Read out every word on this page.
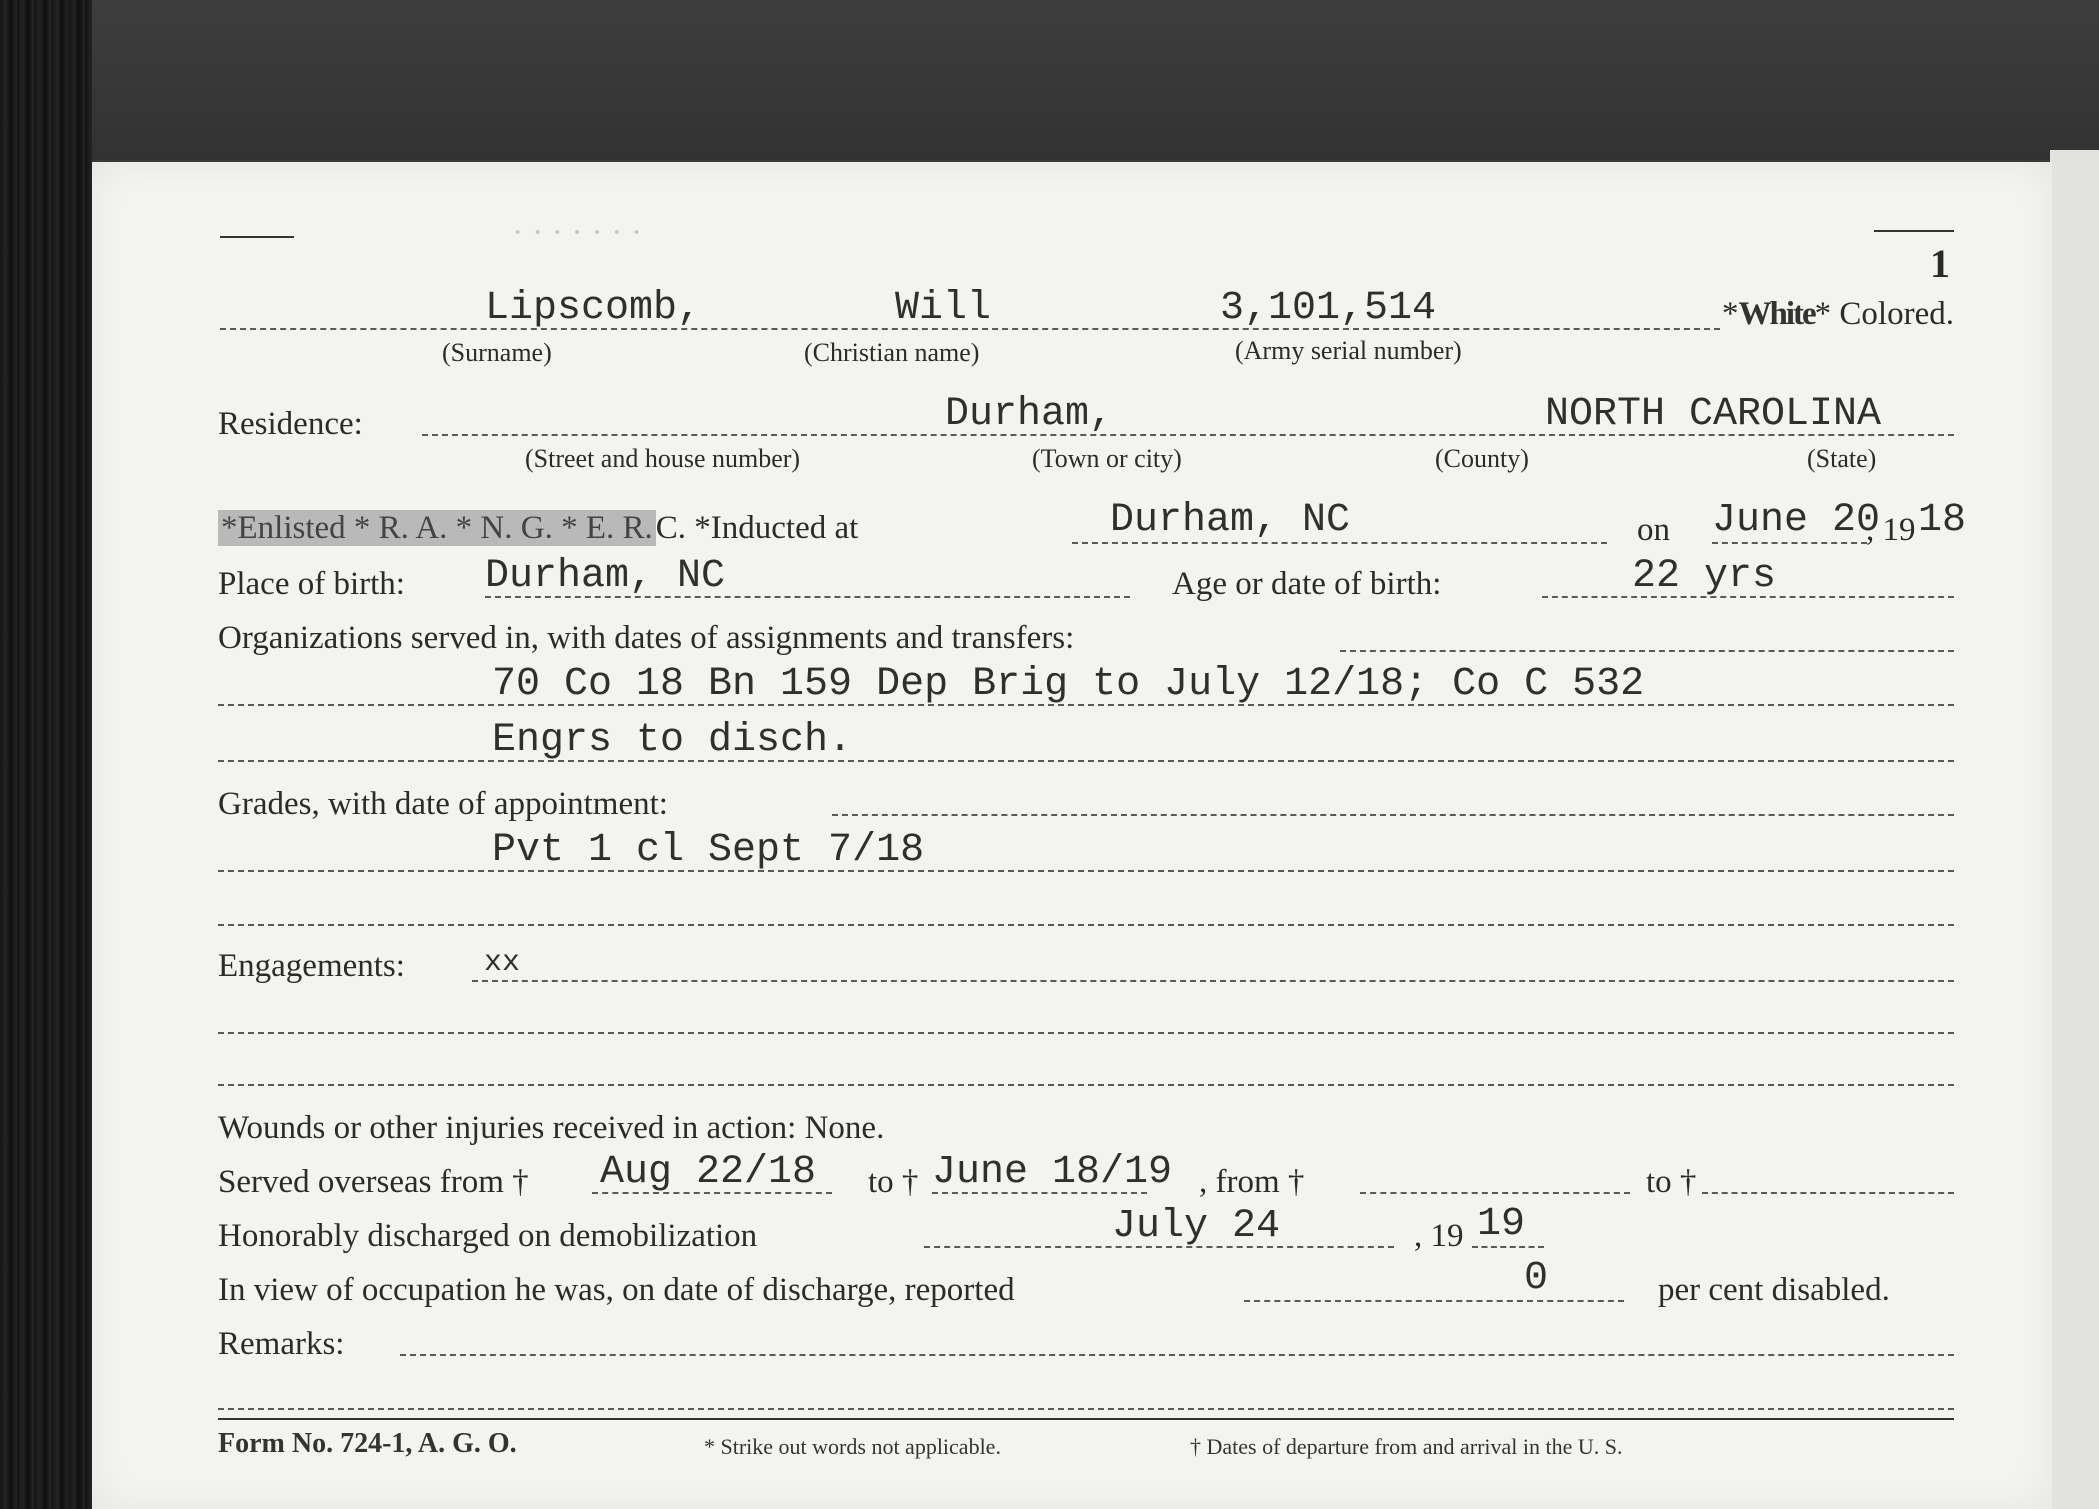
· · · · · · ·
1
Lipscomb,	Will	3,101,514	*White* Colored.
(Surname)	(Christian name)	(Army serial number)
Residence:	Durham,	NORTH CAROLINA
(Street and house number)	(Town or city)	(County)	(State)
*Enlisted * R. A. * N. G. * E. R.C. *Inducted at	Durham, NC	on June 20
, 19 18
Place of birth: Durham, NC	Age or date of birth:	22 yrs
Organizations served in, with dates of assignments and transfers:
70 Co 18 Bn 159 Dep Brig to July 12/18; Co C 532
Engrs to disch.
Grades, with date of appointment:
Pvt 1 cl Sept 7/18
Engagements:	xx
Wounds or other injuries received in action: None.
Served overseas from † Aug 22/18 to † June 18/19 , from †	to †
Honorably discharged on demobilization	July 24	, 19 19
In view of occupation he was, on date of discharge, reported	0	per cent disabled.
Remarks:
Form No. 724-1, A. G. O.	* Strike out words not applicable.	† Dates of departure from and arrival in the U. S.
